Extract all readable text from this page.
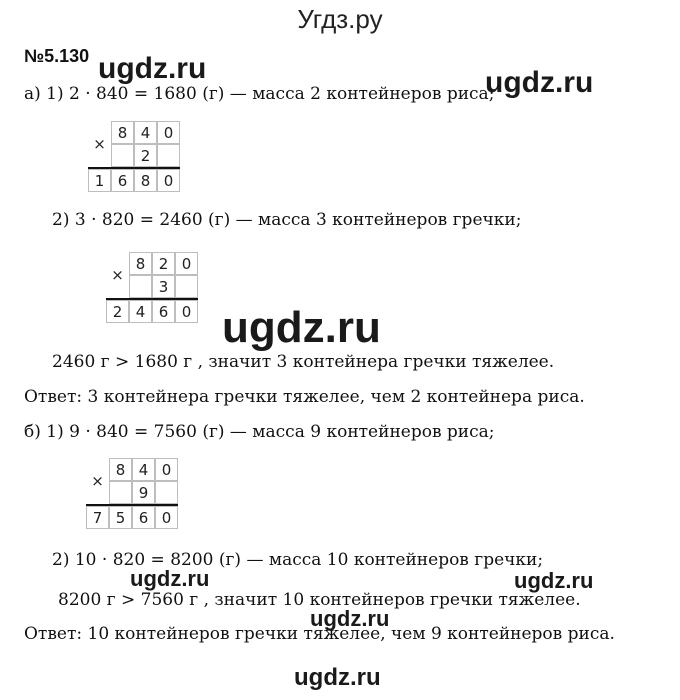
Угдз.ру
№5.130 ugdz.ru	ugdz.ru
ugdz.ru
ugdz.ru	ugdz.ru
ugdz.ru
ugdz.ru
а) 1) 2 · 840 = 1680 (г) — масса 2 контейнеров риса;
×
8 4 0
2
1 6 8 0
2) 3 · 820 = 2460 (г) — масса 3 контейнеров гречки;
×
8 2 0
3
2 4 6 0
2460 г > 1680 г , значит 3 контейнера гречки тяжелее.
Ответ: 3 контейнера гречки тяжелее, чем 2 контейнера риса.
б) 1) 9 · 840 = 7560 (г) — масса 9 контейнеров риса;
×
8 4 0
9
7 5 6 0
2) 10 · 820 = 8200 (г) — масса 10 контейнеров гречки;
8200 г > 7560 г , значит 10 контейнеров гречки тяжелее.
Ответ: 10 контейнеров гречки тяжелее, чем 9 контейнеров риса.
